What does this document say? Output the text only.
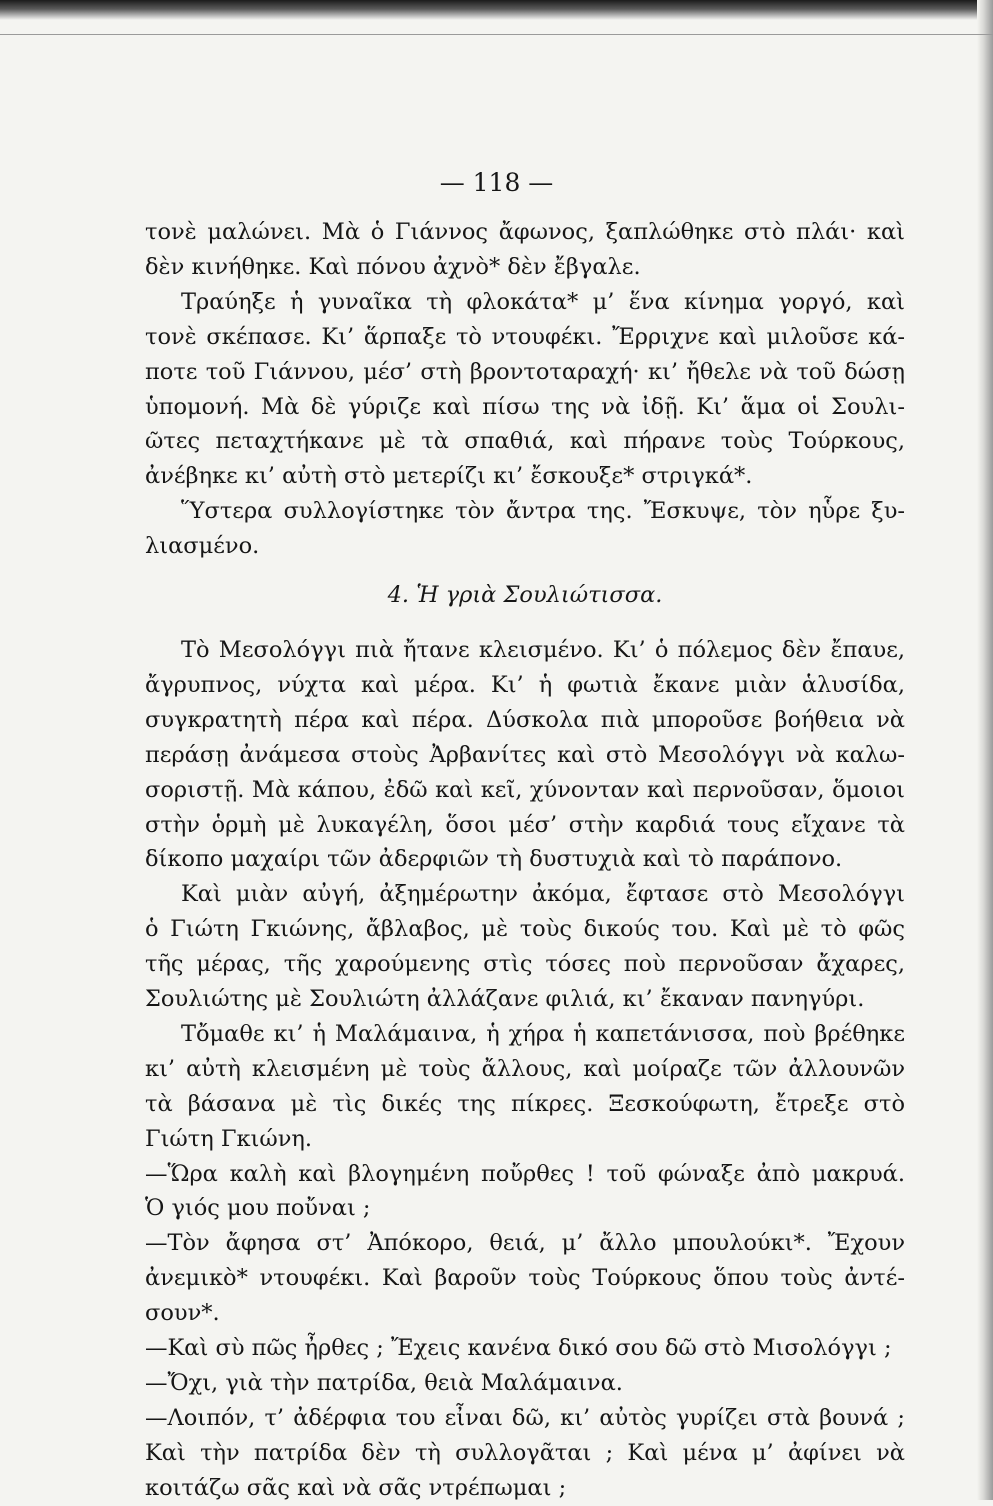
— 118 —
τονὲ μαλώνει. Μὰ ὁ Γιάννος ἄφωνος, ξαπλώθηκε στὸ πλάι· καὶ
δὲν κινήθηκε. Καὶ πόνου ἀχνὸ* δὲν ἔβγαλε.
Τραύηξε ἡ γυναῖκα τὴ φλοκάτα* μ’ ἕνα κίνημα γοργό, καὶ
τονὲ σκέπασε. Κι’ ἅρπαξε τὸ ντουφέκι. Ἔρριχνε καὶ μιλοῦσε κά-
ποτε τοῦ Γιάννου, μέσ’ στὴ βροντοταραχή· κι’ ἤθελε νὰ τοῦ δώσῃ
ὑπομονή. Μὰ δὲ γύριζε καὶ πίσω της νὰ ἰδῇ. Κι’ ἅμα οἱ Σουλι-
ῶτες πεταχτήκανε μὲ τὰ σπαθιά, καὶ πήρανε τοὺς Τούρκους,
ἀνέβηκε κι’ αὐτὴ στὸ μετερίζι κι’ ἔσκουξε* στριγκά*.
Ὕστερα συλλογίστηκε τὸν ἄντρα της. Ἔσκυψε, τὸν ηὗρε ξυ-
λιασμένο.
4. Ἡ γριὰ Σουλιώτισσα.
Τὸ Μεσολόγγι πιὰ ἤτανε κλεισμένο. Κι’ ὁ πόλεμος δὲν ἔπαυε,
ἄγρυπνος, νύχτα καὶ μέρα. Κι’ ἡ φωτιὰ ἔκανε μιὰν ἁλυσίδα,
συγκρατητὴ πέρα καὶ πέρα. Δύσκολα πιὰ μποροῦσε βοήθεια νὰ
περάσῃ ἀνάμεσα στοὺς Ἀρβανίτες καὶ στὸ Μεσολόγγι νὰ καλω-
σοριστῇ. Μὰ κάπου, ἐδῶ καὶ κεῖ, χύνονταν καὶ περνοῦσαν, ὅμοιοι
στὴν ὁρμὴ μὲ λυκαγέλη, ὅσοι μέσ’ στὴν καρδιά τους εἴχανε τὰ
δίκοπο μαχαίρι τῶν ἀδερφιῶν τὴ δυστυχιὰ καὶ τὸ παράπονο.
Καὶ μιὰν αὐγή, ἀξημέρωτην ἀκόμα, ἔφτασε στὸ Μεσολόγγι
ὁ Γιώτη Γκιώνης, ἄβλαβος, μὲ τοὺς δικούς του. Καὶ μὲ τὸ φῶς
τῆς μέρας, τῆς χαρούμενης στὶς τόσες ποὺ περνοῦσαν ἄχαρες,
Σουλιώτης μὲ Σουλιώτη ἀλλάζανε φιλιά, κι’ ἔκαναν πανηγύρι.
Τὄμαθε κι’ ἡ Μαλάμαινα, ἡ χήρα ἡ καπετάνισσα, ποὺ βρέθηκε
κι’ αὐτὴ κλεισμένη μὲ τοὺς ἄλλους, καὶ μοίραζε τῶν ἀλλουνῶν
τὰ βάσανα μὲ τὶς δικές της πίκρες. Ξεσκούφωτη, ἔτρεξε στὸ
Γιώτη Γκιώνη.
—Ὥρα καλὴ καὶ βλογημένη ποὔρθες ! τοῦ φώναξε ἀπὸ μακρυά.
Ὁ γιός μου ποὔναι ;
—Τὸν ἄφησα στ’ Ἀπόκορο, θειά, μ’ ἄλλο μπουλούκι*. Ἔχουν
ἀνεμικὸ* ντουφέκι. Καὶ βαροῦν τοὺς Τούρκους ὅπου τοὺς ἀντέ-
σουν*.
—Καὶ σὺ πῶς ἦρθες ; Ἔχεις κανένα δικό σου δῶ στὸ Μισολόγγι ;
—Ὄχι, γιὰ τὴν πατρίδα, θειὰ Μαλάμαινα.
—Λοιπόν, τ’ ἀδέρφια του εἶναι δῶ, κι’ αὐτὸς γυρίζει στὰ βουνά ;
Καὶ τὴν πατρίδα δὲν τὴ συλλογᾶται ; Καὶ μένα μ’ ἀφίνει νὰ
κοιτάζω σᾶς καὶ νὰ σᾶς ντρέπωμαι ;
